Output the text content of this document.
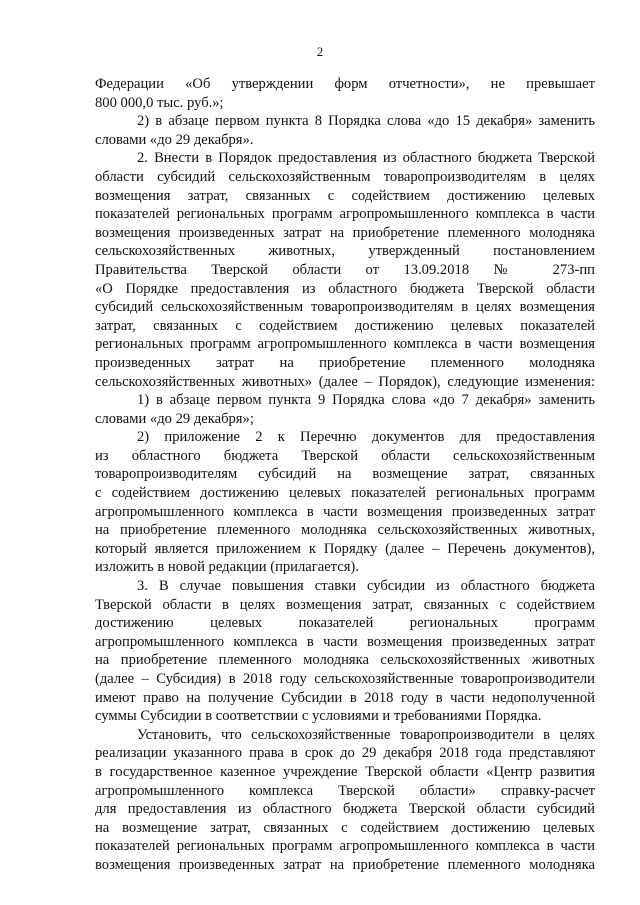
2
Федерации «Об утверждении форм отчетности», не превышает
800 000,0 тыс. руб.»;
2) в абзаце первом пункта 8 Порядка слова «до 15 декабря» заменить
словами «до 29 декабря».
2. Внести в Порядок предоставления из областного бюджета Тверской
области субсидий сельскохозяйственным товаропроизводителям в целях
возмещения затрат, связанных с содействием достижению целевых
показателей региональных программ агропромышленного комплекса в части
возмещения произведенных затрат на приобретение племенного молодняка
сельскохозяйственных животных, утвержденный постановлением
Правительства Тверской области от 13.09.2018 № 273-пп
«О Порядке предоставления из областного бюджета Тверской области
субсидий сельскохозяйственным товаропроизводителям в целях возмещения
затрат, связанных с содействием достижению целевых показателей
региональных программ агропромышленного комплекса в части возмещения
произведенных затрат на приобретение племенного молодняка
сельскохозяйственных животных» (далее – Порядок), следующие изменения:
1) в абзаце первом пункта 9 Порядка слова «до 7 декабря» заменить
словами «до 29 декабря»;
2) приложение 2 к Перечню документов для предоставления
из областного бюджета Тверской области сельскохозяйственным
товаропроизводителям субсидий на возмещение затрат, связанных
с содействием достижению целевых показателей региональных программ
агропромышленного комплекса в части возмещения произведенных затрат
на приобретение племенного молодняка сельскохозяйственных животных,
который является приложением к Порядку (далее – Перечень документов),
изложить в новой редакции (прилагается).
3. В случае повышения ставки субсидии из областного бюджета
Тверской области в целях возмещения затрат, связанных с содействием
достижению целевых показателей региональных программ
агропромышленного комплекса в части возмещения произведенных затрат
на приобретение племенного молодняка сельскохозяйственных животных
(далее – Субсидия) в 2018 году сельскохозяйственные товаропроизводители
имеют право на получение Субсидии в 2018 году в части недополученной
суммы Субсидии в соответствии с условиями и требованиями Порядка.
Установить, что сельскохозяйственные товаропроизводители в целях
реализации указанного права в срок до 29 декабря 2018 года представляют
в государственное казенное учреждение Тверской области «Центр развития
агропромышленного комплекса Тверской области» справку-расчет
для предоставления из областного бюджета Тверской области субсидий
на возмещение затрат, связанных с содействием достижению целевых
показателей региональных программ агропромышленного комплекса в части
возмещения произведенных затрат на приобретение племенного молодняка
